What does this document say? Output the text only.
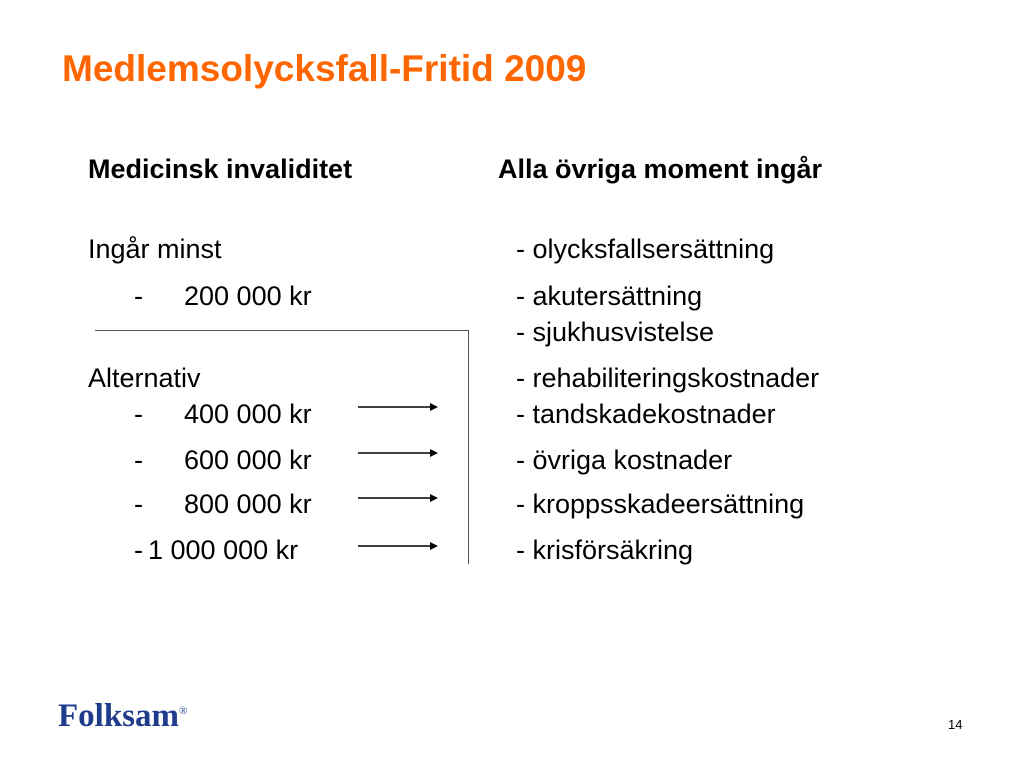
Medlemsolycksfall-Fritid 2009
Medicinsk invaliditet
Ingår minst
- 200 000 kr
Alternativ
- 400 000 kr
- 600 000 kr
- 800 000 kr
- 1 000 000 kr
Alla övriga moment ingår
- olycksfallsersättning
- akutersättning
- sjukhusvistelse
- rehabiliteringskostnader
- tandskadekostnader
- övriga kostnader
- kroppsskadeersättning
- krisförsäkring
Folksam®
14
